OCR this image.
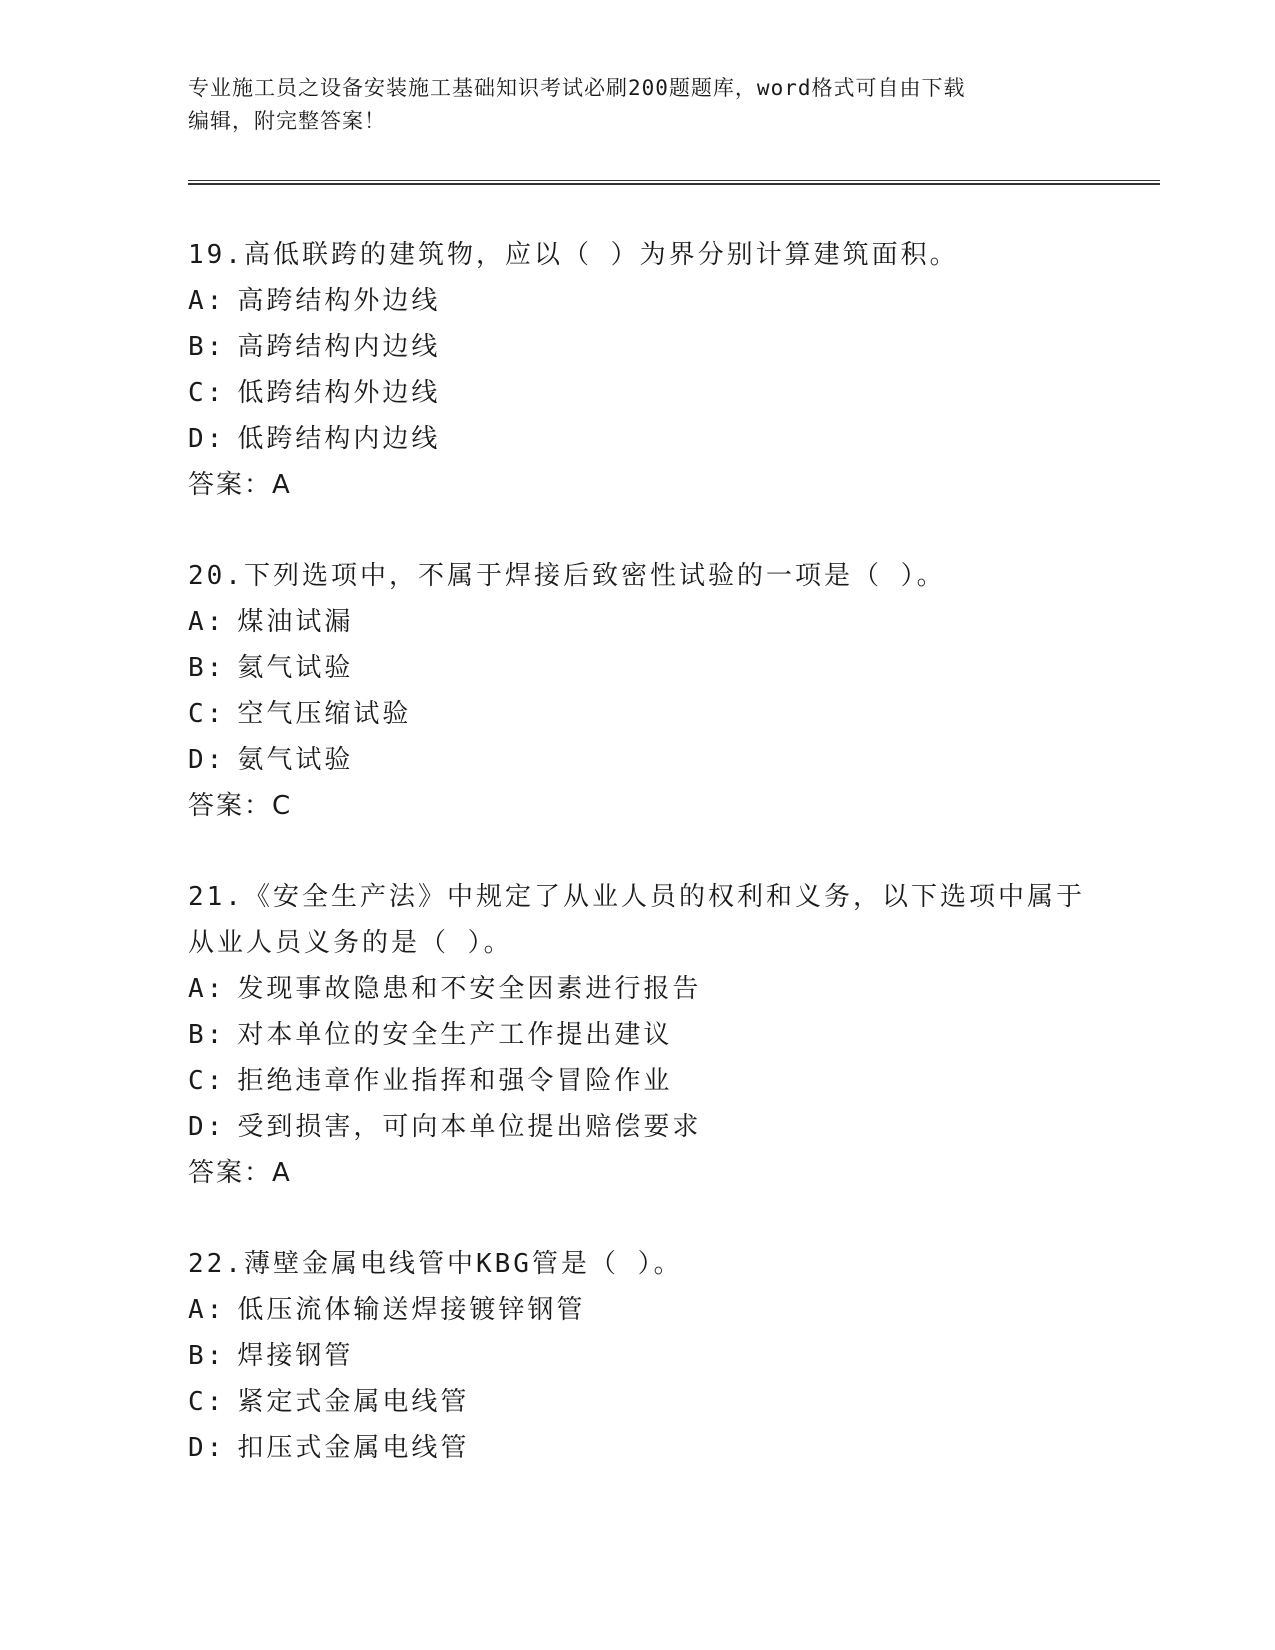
专业施工员之设备安装施工基础知识考试必刷200题题库，word格式可自由下载
编辑，附完整答案！
19.高低联跨的建筑物，应以（ ）为界分别计算建筑面积。
A: 高跨结构外边线
B: 高跨结构内边线
C: 低跨结构外边线
D: 低跨结构内边线
答案：A
20.下列选项中，不属于焊接后致密性试验的一项是（ ）。
A: 煤油试漏
B: 氦气试验
C: 空气压缩试验
D: 氨气试验
答案：C
21.《安全生产法》中规定了从业人员的权利和义务，以下选项中属于
从业人员义务的是（ ）。
A: 发现事故隐患和不安全因素进行报告
B: 对本单位的安全生产工作提出建议
C: 拒绝违章作业指挥和强令冒险作业
D: 受到损害，可向本单位提出赔偿要求
答案：A
22.薄壁金属电线管中KBG管是（ ）。
A: 低压流体输送焊接镀锌钢管
B: 焊接钢管
C: 紧定式金属电线管
D: 扣压式金属电线管
